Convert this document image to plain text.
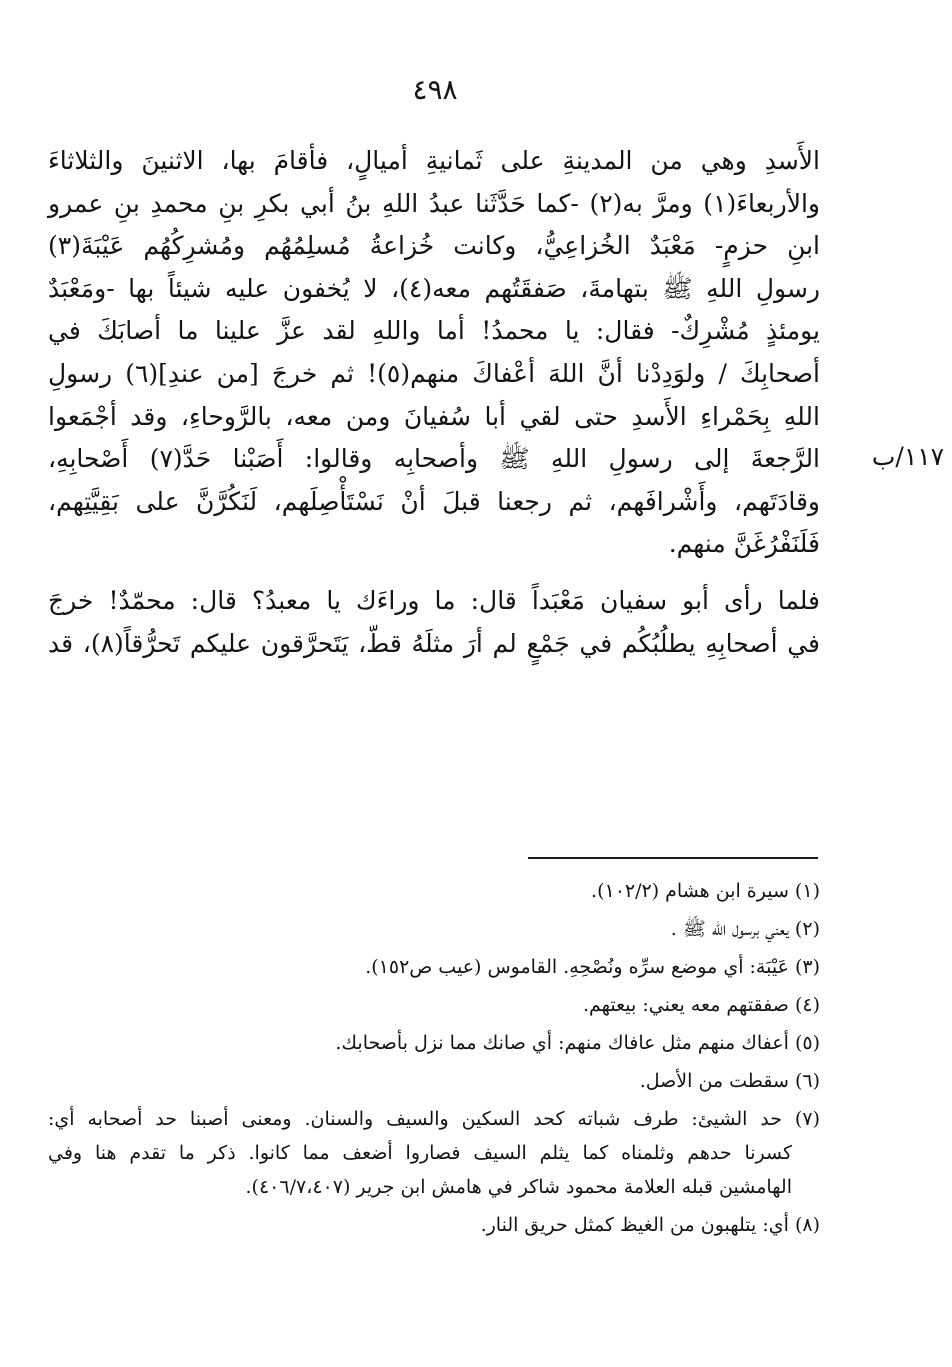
٤٩٨
١١٧/ب

الأَسدِ وهي من المدينةِ على ثَمانيةِ أميالٍ، فأقامَ بها، الاثنينَ والثلاثاءَ

والأربعاءَ(١) ومرَّ به(٢) -كما حَدَّثَنا عبدُ اللهِ بنُ أبي بكرِ بنِ محمدِ بنِ عمرو

ابنِ حزمٍ- مَعْبَدٌ الخُزاعِيُّ، وكانت خُزاعةُ مُسلِمُهُم ومُشرِكُهُم عَيْبَةَ(٣)

رسولِ اللهِ ﷺ بتهامةَ، صَفقَتُهم معه(٤)، لا يُخفون عليه شيئاً بها -ومَعْبَدٌ

يومئذٍ مُشْرِكٌ- فقال: يا محمدُ! أما واللهِ لقد عزَّ علينا ما أصابَكَ في

أصحابِكَ / ولوَدِدْنا أنَّ اللهَ أعْفاكَ منهم(٥)! ثم خرجَ [من عندِ](٦) رسولِ

اللهِ بِحَمْراءِ الأَسدِ حتى لقي أبا سُفيانَ ومن معه، بالرَّوحاءِ، وقد أجْمَعوا

الرَّجعةَ إلى رسولِ اللهِ ﷺ وأصحابِه وقالوا: أَصَبْنا حَدَّ(٧) أَصْحابِهِ،

وقادَتَهم، وأَشْرافَهم، ثم رجعنا قبلَ أنْ نَسْتَأْصِلَهم، لَنَكُرَّنَّ على بَقِيَّتِهم،

فَلَنَفْرُغَنَّ منهم.

فلما رأى أبو سفيان مَعْبَداً قال: ما وراءَك يا معبدُ؟ قال: محمّدٌ! خرجَ

في أصحابِهِ يطلُبُكُم في جَمْعٍ لم أرَ مثلَهُ قطّ، يَتَحرَّقون عليكم تَحرُّقاً(٨)، قد

(١) سيرة ابن هشام (١٠٢/٢).

(٢) يعني برسول الله ﷺ .

(٣) عَيْبَة: أي موضع سرِّه ونُصْحِهِ. القاموس (عيب ص١٥٢).

(٤) صفقتهم معه يعني: بيعتهم.

(٥) أعفاك منهم مثل عافاك منهم: أي صانك مما نزل بأصحابك.

(٦) سقطت من الأصل.

(٧) حد الشيئ: طرف شباته كحد السكين والسيف والسنان. ومعنى أصبنا حد أصحابه أي:

كسرنا حدهم وثلمناه كما يثلم السيف فصاروا أضعف مما كانوا. ذكر ما تقدم هنا وفي

الهامشين قبله العلامة محمود شاكر في هامش ابن جرير (٤٠٦/٧،٤٠٧).

(٨) أي: يتلهبون من الغيظ كمثل حريق النار.
